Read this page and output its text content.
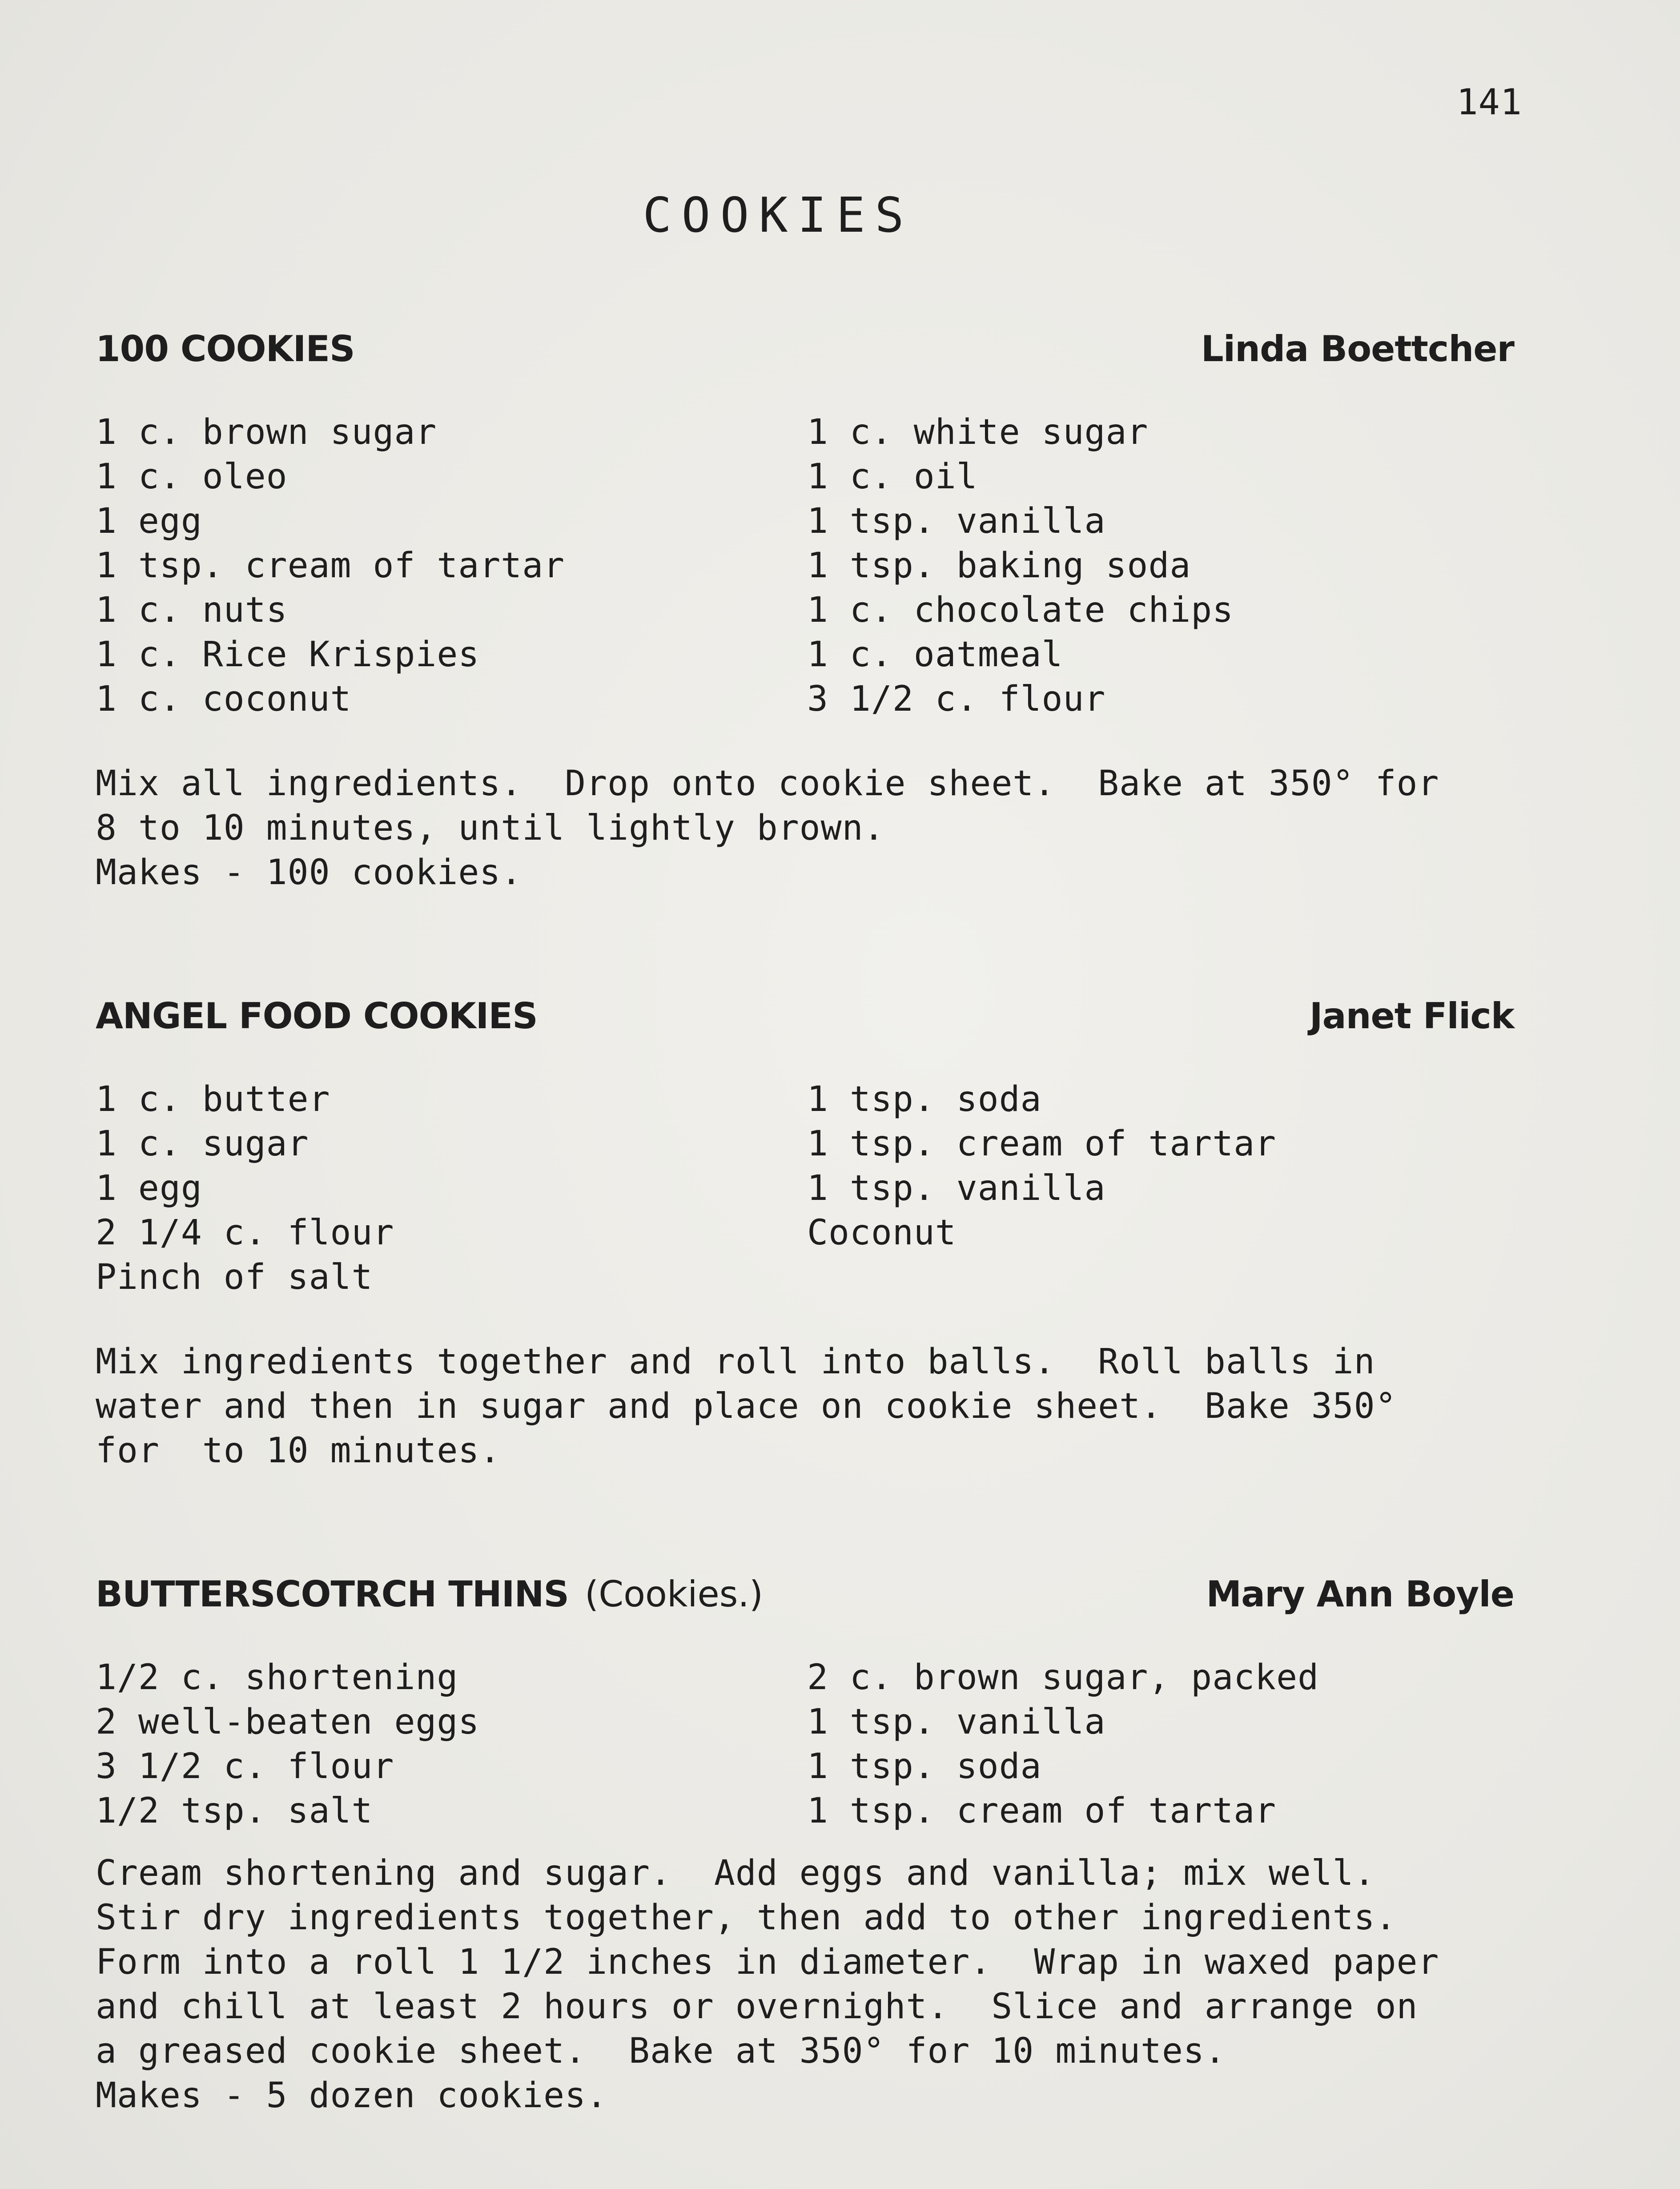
141
COOKIES
100 COOKIES	Linda Boettcher
1 c. brown sugar	1 c. white sugar
1 c. oleo	1 c. oil
1 egg	1 tsp. vanilla
1 tsp. cream of tartar	1 tsp. baking soda
1 c. nuts	1 c. chocolate chips
1 c. Rice Krispies	1 c. oatmeal
1 c. coconut	3 1/2 c. flour
Mix all ingredients.  Drop onto cookie sheet.  Bake at 350° for
8 to 10 minutes, until lightly brown.
Makes - 100 cookies.
ANGEL FOOD COOKIES	Janet Flick
1 c. butter	1 tsp. soda
1 c. sugar	1 tsp. cream of tartar
1 egg	1 tsp. vanilla
2 1/4 c. flour	Coconut
Pinch of salt
Mix ingredients together and roll into balls.  Roll balls in
water and then in sugar and place on cookie sheet.  Bake 350°
for  to 10 minutes.
BUTTERSCOTRCH THINS (Cookies.)	Mary Ann Boyle
1/2 c. shortening	2 c. brown sugar, packed
2 well-beaten eggs	1 tsp. vanilla
3 1/2 c. flour	1 tsp. soda
1/2 tsp. salt	1 tsp. cream of tartar
Cream shortening and sugar.  Add eggs and vanilla; mix well.
Stir dry ingredients together, then add to other ingredients.
Form into a roll 1 1/2 inches in diameter.  Wrap in waxed paper
and chill at least 2 hours or overnight.  Slice and arrange on
a greased cookie sheet.  Bake at 350° for 10 minutes.
Makes - 5 dozen cookies.
